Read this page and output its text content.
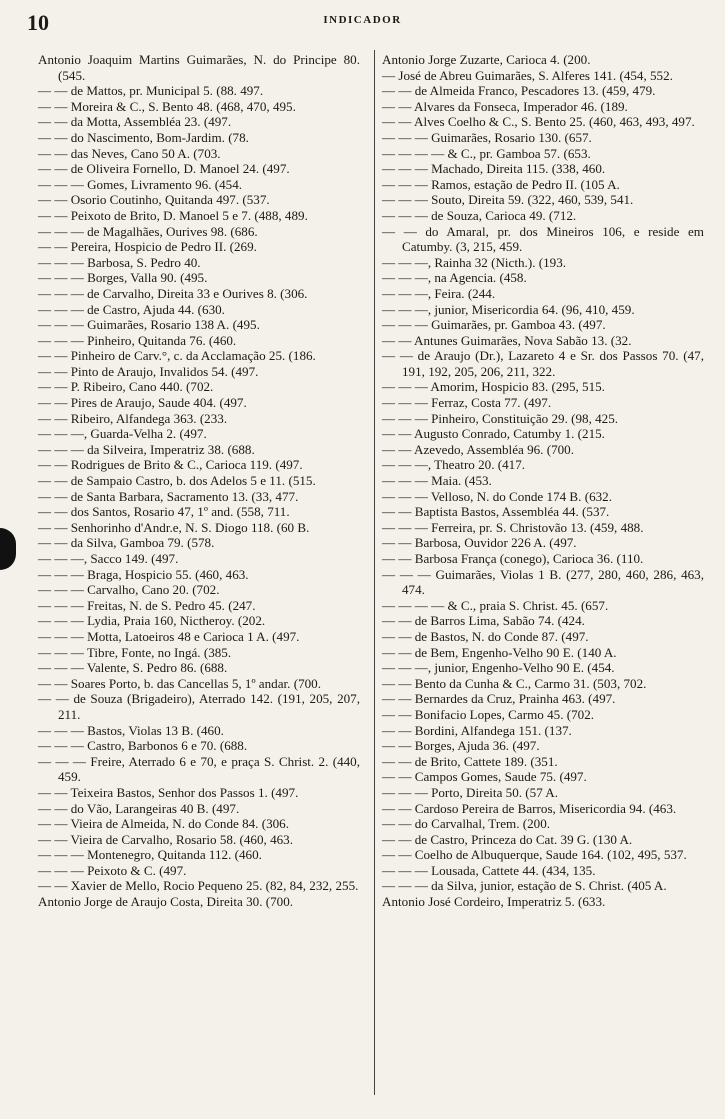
10	INDICADOR
Antonio Joaquim Martins Guimarães, N. do Principe 80. (545.
— — de Mattos, pr. Municipal 5. (88. 497.
— — Moreira & C., S. Bento 48. (468, 470, 495.
— — da Motta, Assembléa 23. (497.
— — do Nascimento, Bom-Jardim. (78.
— — das Neves, Cano 50 A. (703.
— — de Oliveira Fornello, D. Manoel 24. (497.
— — — Gomes, Livramento 96. (454.
— — Osorio Coutinho, Quitanda 497. (537.
— — Peixoto de Brito, D. Manoel 5 e 7. (488, 489.
— — — de Magalhães, Ourives 98. (686.
— — Pereira, Hospicio de Pedro II. (269.
— — — Barbosa, S. Pedro 40.
— — — Borges, Valla 90. (495.
— — — de Carvalho, Direita 33 e Ourives 8. (306.
— — — de Castro, Ajuda 44. (630.
— — — Guimarães, Rosario 138 A. (495.
— — — Pinheiro, Quitanda 76. (460.
— — Pinheiro de Carv.°, c. da Acclamação 25. (186.
— — Pinto de Araujo, Invalidos 54. (497.
— — P. Ribeiro, Cano 440. (702.
— — Pires de Araujo, Saude 404. (497.
— — Ribeiro, Alfandega 363. (233.
— — —, Guarda-Velha 2. (497.
— — — da Silveira, Imperatriz 38. (688.
— — Rodrigues de Brito & C., Carioca 119. (497.
— — de Sampaio Castro, b. dos Adelos 5 e 11. (515.
— — de Santa Barbara, Sacramento 13. (33, 477.
— — dos Santos, Rosario 47, 1º and. (558, 711.
— — Senhorinho d'Andr.e, N. S. Diogo 118. (60 B.
— — da Silva, Gamboa 79. (578.
— — —, Sacco 149. (497.
— — — Braga, Hospicio 55. (460, 463.
— — — Carvalho, Cano 20. (702.
— — — Freitas, N. de S. Pedro 45. (247.
— — — Lydia, Praia 160, Nictheroy. (202.
— — — Motta, Latoeiros 48 e Carioca 1 A. (497.
— — — Tibre, Fonte, no Ingá. (385.
— — — Valente, S. Pedro 86. (688.
— — Soares Porto, b. das Cancellas 5, 1º andar. (700.
— — de Souza (Brigadeiro), Aterrado 142. (191, 205, 207, 211.
— — — Bastos, Violas 13 B. (460.
— — — Castro, Barbonos 6 e 70. (688.
— — — Freire, Aterrado 6 e 70, e praça S. Christ. 2. (440, 459.
— — Teixeira Bastos, Senhor dos Passos 1. (497.
— — do Vão, Larangeiras 40 B. (497.
— — Vieira de Almeida, N. do Conde 84. (306.
— — Vieira de Carvalho, Rosario 58. (460, 463.
— — — Montenegro, Quitanda 112. (460.
— — — Peixoto & C. (497.
— — Xavier de Mello, Rocio Pequeno 25. (82, 84, 232, 255.
Antonio Jorge de Araujo Costa, Direita 30. (700.
Antonio Jorge Zuzarte, Carioca 4. (200.
— José de Abreu Guimarães, S. Alferes 141. (454, 552.
— — de Almeida Franco, Pescadores 13. (459, 479.
— — Alvares da Fonseca, Imperador 46. (189.
— — Alves Coelho & C., S. Bento 25. (460, 463, 493, 497.
— — — Guimarães, Rosario 130. (657.
— — — — & C., pr. Gamboa 57. (653.
— — — Machado, Direita 115. (338, 460.
— — — Ramos, estação de Pedro II. (105 A.
— — — Souto, Direita 59. (322, 460, 539, 541.
— — — de Souza, Carioca 49. (712.
— — do Amaral, pr. dos Mineiros 106, e reside em Catumby. (3, 215, 459.
— — —, Rainha 32 (Nicth.). (193.
— — —, na Agencia. (458.
— — —, Feira. (244.
— — —, junior, Misericordia 64. (96, 410, 459.
— — — Guimarães, pr. Gamboa 43. (497.
— — Antunes Guimarães, Nova Sabão 13. (32.
— — de Araujo (Dr.), Lazareto 4 e Sr. dos Passos 70. (47, 191, 192, 205, 206, 211, 322.
— — — Amorim, Hospicio 83. (295, 515.
— — — Ferraz, Costa 77. (497.
— — — Pinheiro, Constituição 29. (98, 425.
— — Augusto Conrado, Catumby 1. (215.
— — Azevedo, Assembléa 96. (700.
— — —, Theatro 20. (417.
— — — Maia. (453.
— — — Velloso, N. do Conde 174 B. (632.
— — Baptista Bastos, Assembléa 44. (537.
— — — Ferreira, pr. S. Christovão 13. (459, 488.
— — Barbosa, Ouvidor 226 A. (497.
— — Barbosa França (conego), Carioca 36. (110.
— — — Guimarães, Violas 1 B. (277, 280, 460, 286, 463, 474.
— — — — & C., praia S. Christ. 45. (657.
— — de Barros Lima, Sabão 74. (424.
— — de Bastos, N. do Conde 87. (497.
— — de Bem, Engenho-Velho 90 E. (140 A.
— — —, junior, Engenho-Velho 90 E. (454.
— — Bento da Cunha & C., Carmo 31. (503, 702.
— — Bernardes da Cruz, Prainha 463. (497.
— — Bonifacio Lopes, Carmo 45. (702.
— — Bordini, Alfandega 151. (137.
— — Borges, Ajuda 36. (497.
— — de Brito, Cattete 189. (351.
— — Campos Gomes, Saude 75. (497.
— — — Porto, Direita 50. (57 A.
— — Cardoso Pereira de Barros, Misericordia 94. (463.
— — do Carvalhal, Trem. (200.
— — de Castro, Princeza do Cat. 39 G. (130 A.
— — Coelho de Albuquerque, Saude 164. (102, 495, 537.
— — — Lousada, Cattete 44. (434, 135.
— — — da Silva, junior, estação de S. Christ. (405 A.
Antonio José Cordeiro, Imperatriz 5. (633.
